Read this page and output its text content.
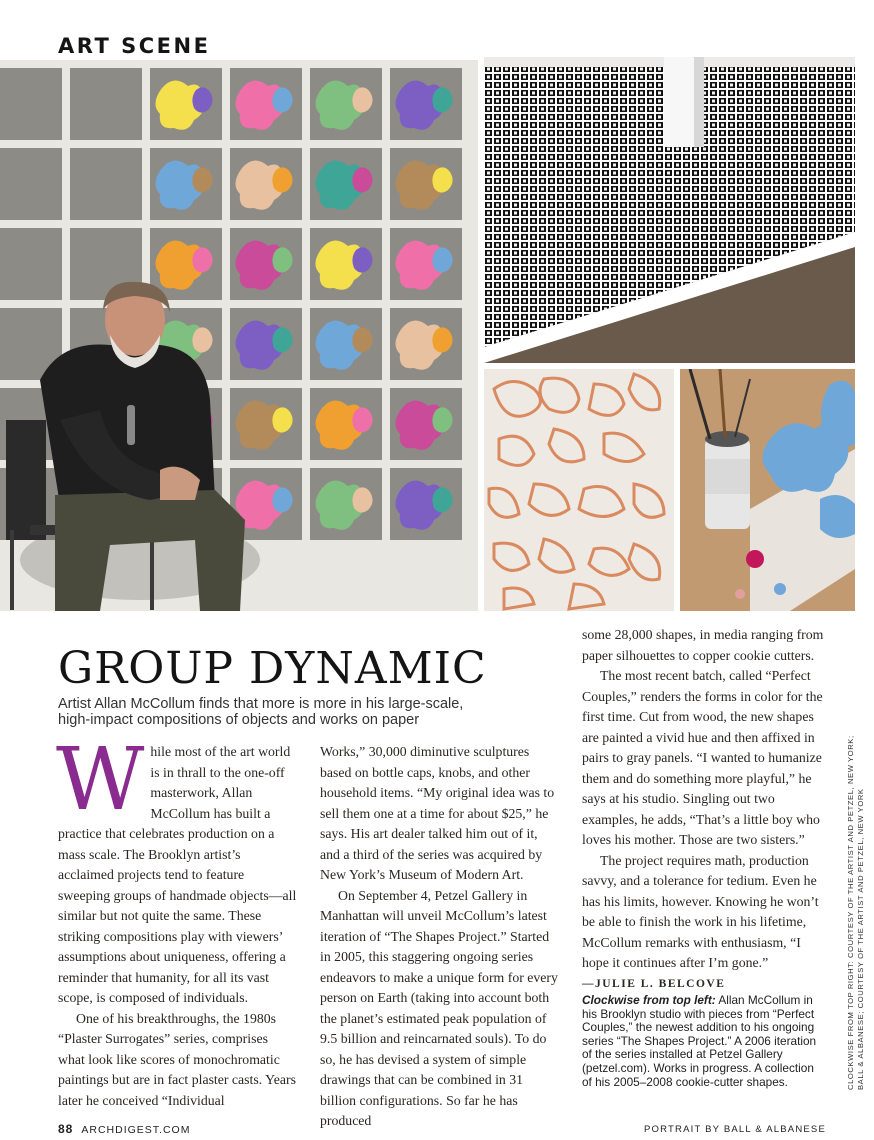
ART SCENE
GROUP DYNAMIC
Artist Allan McCollum finds that more is more in his large-scale, high-impact compositions of objects and works on paper
W hile most of the art world is in thrall to the one-off masterwork, Allan McCollum has built a practice that celebrates production on a mass scale. The Brooklyn artist’s acclaimed projects tend to feature sweeping groups of handmade objects—all similar but not quite the same. These striking compositions play with viewers’ assumptions about uniqueness, offering a reminder that humanity, for all its vast scope, is composed of individuals.

One of his breakthroughs, the 1980s “Plaster Surrogates” series, comprises what look like scores of monochromatic paintings but are in fact plaster casts. Years later he conceived “Individual

Works,” 30,000 diminutive sculptures based on bottle caps, knobs, and other household items. “My original idea was to sell them one at a time for about $25,” he says. His art dealer talked him out of it, and a third of the series was acquired by New York’s Museum of Modern Art.

On September 4, Petzel Gallery in Manhattan will unveil McCollum’s latest iteration of “The Shapes Project.” Started in 2005, this staggering ongoing series endeavors to make a unique form for every person on Earth (taking into account both the planet’s estimated peak population of 9.5 billion and reincarnated souls). To do so, he has devised a system of simple drawings that can be combined in 31 billion configurations. So far he has produced

some 28,000 shapes, in media ranging from paper silhouettes to copper cookie cutters.

The most recent batch, called “Perfect Couples,” renders the forms in color for the first time. Cut from wood, the new shapes are painted a vivid hue and then affixed in pairs to gray panels. “I wanted to humanize them and do something more playful,” he says at his studio. Singling out two examples, he adds, “That’s a little boy who loves his mother. Those are two sisters.”

The project requires math, production savvy, and a tolerance for tedium. Even he has his limits, however. Knowing he won’t be able to finish the work in his lifetime, McCollum remarks with enthusiasm, “I hope it continues after I’m gone.”

—JULIE L. BELCOVE

Clockwise from top left: Allan McCollum in his Brooklyn studio with pieces from “Perfect Couples,” the newest addition to his ongoing series “The Shapes Project.” A 2006 iteration of the series installed at Petzel Gallery (petzel.com). Works in progress. A collection of his 2005–2008 cookie-cutter shapes.	CLOCKWISE FROM TOP RIGHT: COURTESY OF THE ARTIST AND PETZEL, NEW YORK; BALL & ALBANESE; COURTESY OF THE ARTIST AND PETZEL, NEW YORK
88 ARCHDIGEST.COM	PORTRAIT BY BALL & ALBANESE
